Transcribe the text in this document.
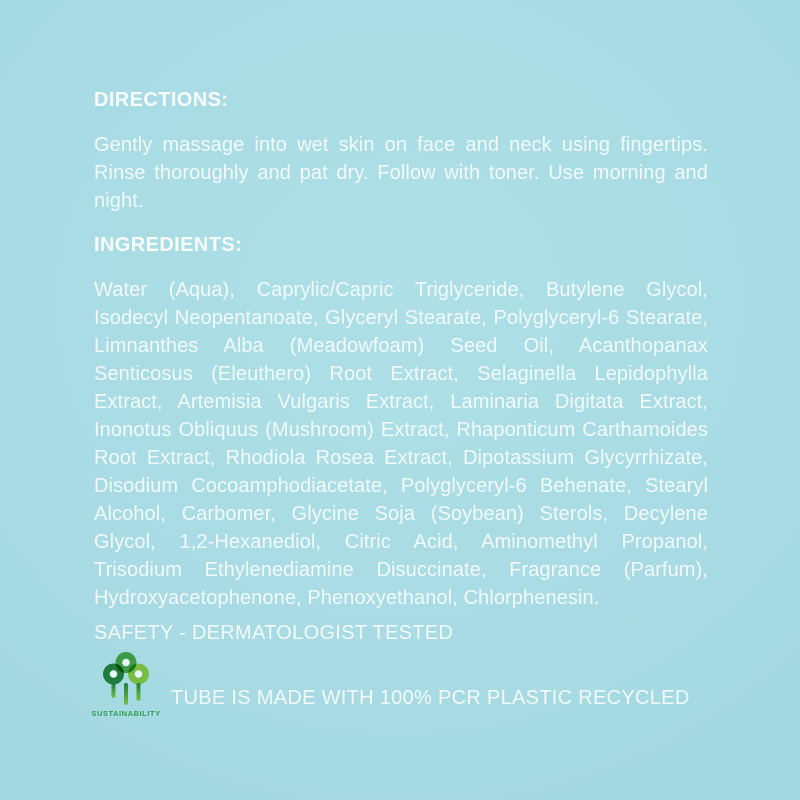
DIRECTIONS:

Gently massage into wet skin on face and neck using fingertips. Rinse thoroughly and pat dry. Follow with toner. Use morning and night.

INGREDIENTS:

Water (Aqua), Caprylic/Capric Triglyceride, Butylene Glycol, Isodecyl Neopentanoate, Glyceryl Stearate, Polyglyceryl-6 Stearate, Limnanthes Alba (Meadowfoam) Seed Oil, Acanthopanax Senticosus (Eleuthero) Root Extract, Selaginella Lepidophylla Extract, Artemisia Vulgaris Extract, Laminaria Digitata Extract, Inonotus Obliquus (Mushroom) Extract, Rhaponticum Carthamoides Root Extract, Rhodiola Rosea Extract, Dipotassium Glycyrrhizate, Disodium Cocoamphodiacetate, Polyglyceryl-6 Behenate, Stearyl Alcohol, Carbomer, Glycine Soja (Soybean) Sterols, Decylene Glycol, 1,2-Hexanediol, Citric Acid, Aminomethyl Propanol, Trisodium Ethylenediamine Disuccinate, Fragrance (Parfum), Hydroxyacetophenone, Phenoxyethanol, Chlorphenesin.

SAFETY - DERMATOLOGIST TESTED

SUSTAINABILITY
TUBE IS MADE WITH 100% PCR PLASTIC RECYCLED
